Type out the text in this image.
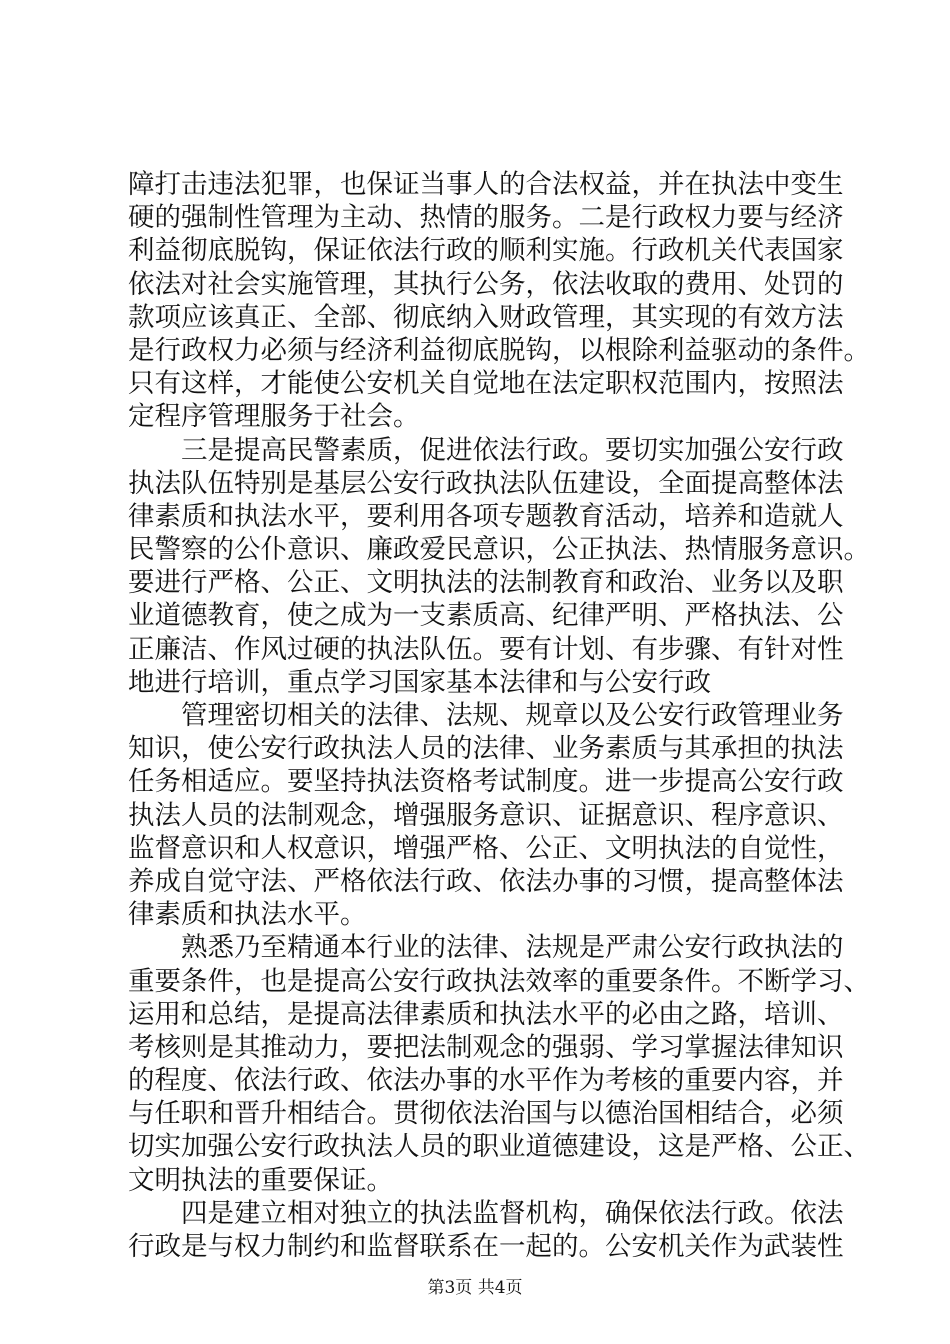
障打击违法犯罪，也保证当事人的合法权益，并在执法中变生
硬的强制性管理为主动、热情的服务。二是行政权力要与经济
利益彻底脱钩，保证依法行政的顺利实施。行政机关代表国家
依法对社会实施管理，其执行公务，依法收取的费用、处罚的
款项应该真正、全部、彻底纳入财政管理，其实现的有效方法
是行政权力必须与经济利益彻底脱钩，以根除利益驱动的条件。
只有这样，才能使公安机关自觉地在法定职权范围内，按照法
定程序管理服务于社会。
　　三是提高民警素质，促进依法行政。要切实加强公安行政
执法队伍特别是基层公安行政执法队伍建设，全面提高整体法
律素质和执法水平，要利用各项专题教育活动，培养和造就人
民警察的公仆意识、廉政爱民意识，公正执法、热情服务意识。
要进行严格、公正、文明执法的法制教育和政治、业务以及职
业道德教育，使之成为一支素质高、纪律严明、严格执法、公
正廉洁、作风过硬的执法队伍。要有计划、有步骤、有针对性
地进行培训，重点学习国家基本法律和与公安行政
　　管理密切相关的法律、法规、规章以及公安行政管理业务
知识，使公安行政执法人员的法律、业务素质与其承担的执法
任务相适应。要坚持执法资格考试制度。进一步提高公安行政
执法人员的法制观念，增强服务意识、证据意识、程序意识、
监督意识和人权意识，增强严格、公正、文明执法的自觉性，
养成自觉守法、严格依法行政、依法办事的习惯，提高整体法
律素质和执法水平。
　　熟悉乃至精通本行业的法律、法规是严肃公安行政执法的
重要条件，也是提高公安行政执法效率的重要条件。不断学习、
运用和总结，是提高法律素质和执法水平的必由之路，培训、
考核则是其推动力，要把法制观念的强弱、学习掌握法律知识
的程度、依法行政、依法办事的水平作为考核的重要内容，并
与任职和晋升相结合。贯彻依法治国与以德治国相结合，必须
切实加强公安行政执法人员的职业道德建设，这是严格、公正、
文明执法的重要保证。
　　四是建立相对独立的执法监督机构，确保依法行政。依法
行政是与权力制约和监督联系在一起的。公安机关作为武装性
第3页 共4页
